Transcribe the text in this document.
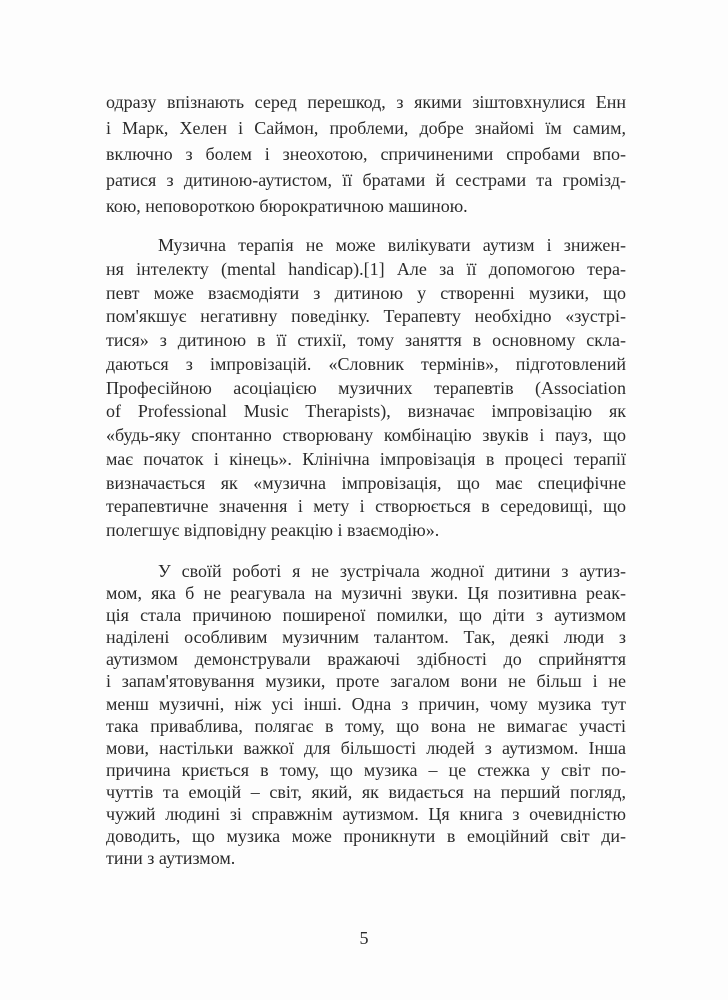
одразу впізнають серед перешкод, з якими зіштовхнулися Енн
і Марк, Хелен і Саймон, проблеми, добре знайомі їм самим,
включно з болем і знеохотою, спричиненими спробами впо-
ратися з дитиною-аутистом, її братами й сестрами та громізд-
кою, неповороткою бюрократичною машиною.
Музична терапія не може вилікувати аутизм і знижен-
ня інтелекту (mental handicap).[1] Але за її допомогою тера-
певт може взаємодіяти з дитиною у створенні музики, що
пом'якшує негативну поведінку. Терапевту необхідно «зустрі-
тися» з дитиною в її стихії, тому заняття в основному скла-
даються з імпровізацій. «Словник термінів», підготовлений
Професійною асоціацією музичних терапевтів (Association
of Professional Music Therapists), визначає імпровізацію як
«будь-яку спонтанно створювану комбінацію звуків і пауз, що
має початок і кінець». Клінічна імпровізація в процесі терапії
визначається як «музична імпровізація, що має специфічне
терапевтичне значення і мету і створюється в середовищі, що
полегшує відповідну реакцію і взаємодію».
У своїй роботі я не зустрічала жодної дитини з аутиз-
мом, яка б не реагувала на музичні звуки. Ця позитивна реак-
ція стала причиною поширеної помилки, що діти з аутизмом
наділені особливим музичним талантом. Так, деякі люди з
аутизмом демонстрували вражаючі здібності до сприйняття
і запам'ятовування музики, проте загалом вони не більш і не
менш музичні, ніж усі інші. Одна з причин, чому музика тут
така приваблива, полягає в тому, що вона не вимагає участі
мови, настільки важкої для більшості людей з аутизмом. Інша
причина криється в тому, що музика – це стежка у світ по-
чуттів та емоцій – світ, який, як видається на перший погляд,
чужий людині зі справжнім аутизмом. Ця книга з очевидністю
доводить, що музика може проникнути в емоційний світ ди-
тини з аутизмом.
5
